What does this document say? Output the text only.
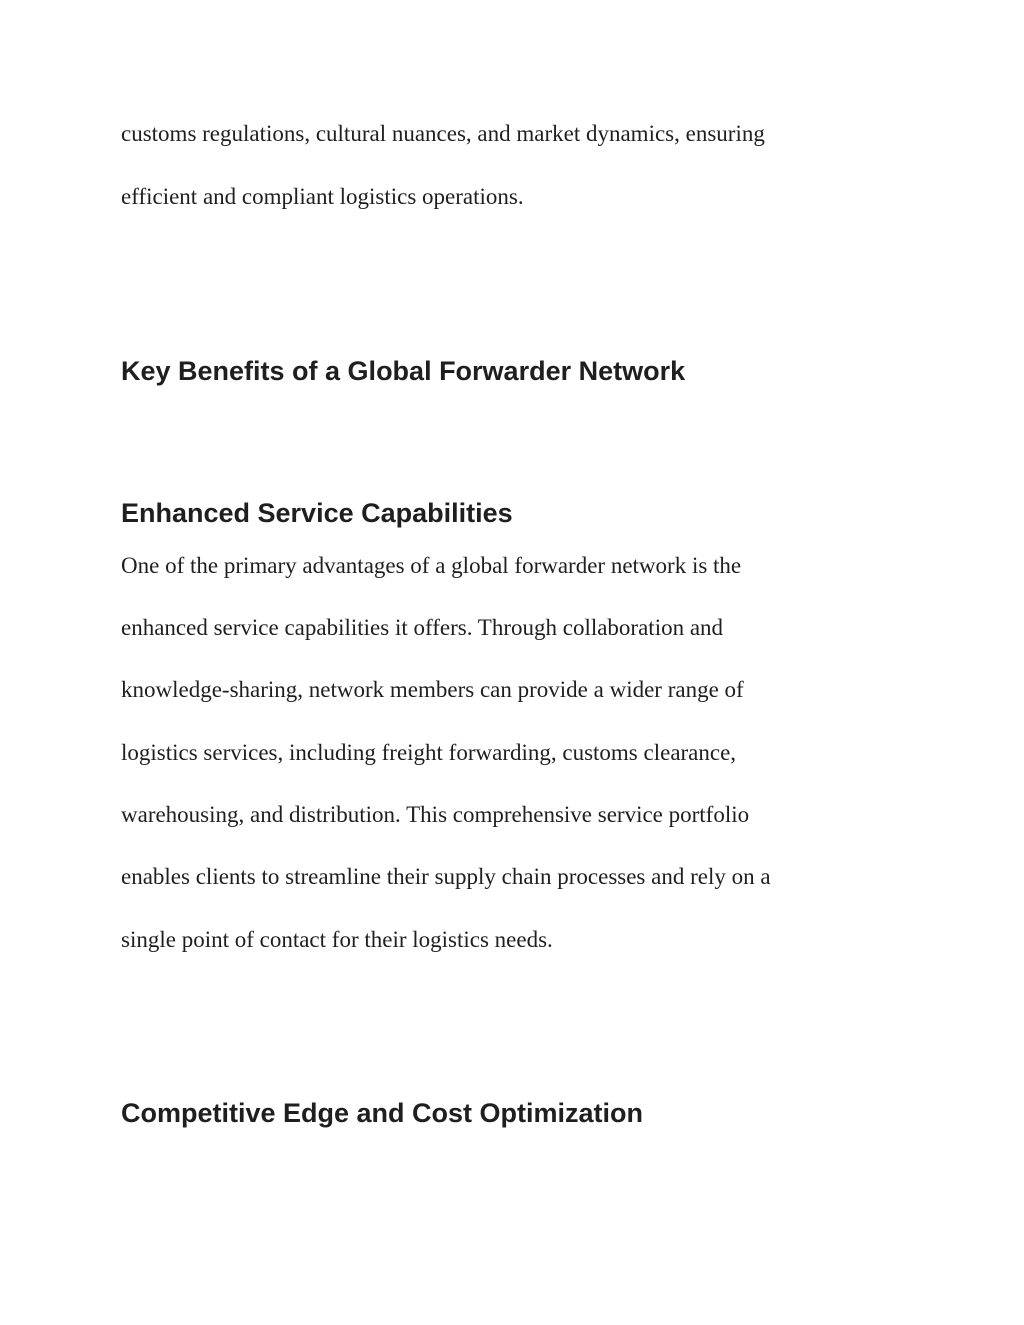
customs regulations, cultural nuances, and market dynamics, ensuring

efficient and compliant logistics operations.

Key Benefits of a Global Forwarder Network
Enhanced Service Capabilities

One of the primary advantages of a global forwarder network is the

enhanced service capabilities it offers. Through collaboration and

knowledge-sharing, network members can provide a wider range of

logistics services, including freight forwarding, customs clearance,

warehousing, and distribution. This comprehensive service portfolio

enables clients to streamline their supply chain processes and rely on a

single point of contact for their logistics needs.

Competitive Edge and Cost Optimization
